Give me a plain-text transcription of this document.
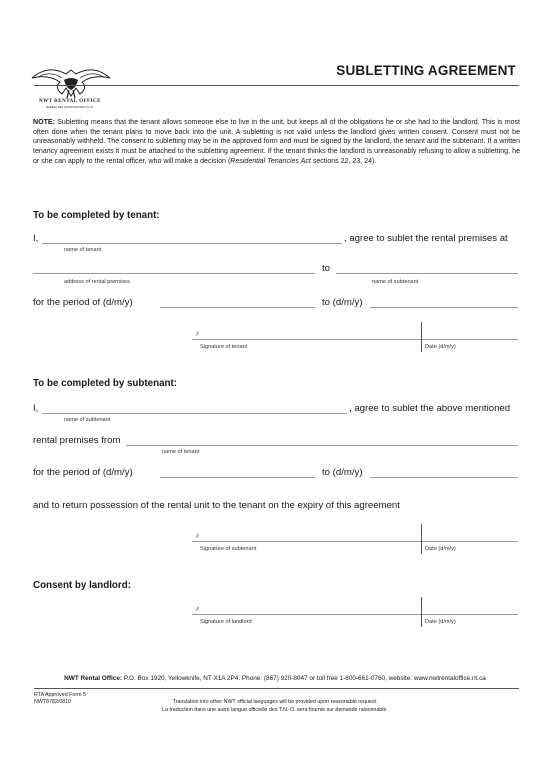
NWT RENTAL OFFICE
BUREAU DES LOCATIONS DES T.N.-O.
SUBLETTING AGREEMENT
NOTE: Subletting means that the tenant allows someone else to live in the unit, but keeps all of the obligations he or she had to the landlord. This is most often done when the tenant plans to move back into the unit. A subletting is not valid unless the landlord gives written consent. Consent must not be unreasonably withheld. The consent to subletting may be in the approved form and must be signed by the landlord, the tenant and the subtenant. If a written tenancy agreement exists it must be attached to the subletting agreement. If the tenant thinks the landlord is unreasonably refusing to allow a subletting, he or she can apply to the rental officer, who will make a decision (Residential Tenancies Act sections 22, 23, 24).
To be completed by tenant:
I,	, agree to sublet the rental premises at
name of tenant
to
address of rental premises	name of subtenant
for the period of (d/m/y)	to (d/m/y)
✗
Signature of tenant	Date (d/m/y)
To be completed by subtenant:
I,	, agree to sublet the above mentioned
name of subtenant
rental premises from
name of tenant
for the period of (d/m/y)	to (d/m/y)
and to return possession of the rental unit to the tenant on the expiry of this agreement
✗
Signature of subtenant	Date (d/m/y)
Consent by landlord:
✗
Signature of landlord	Date (d/m/y)
NWT Rental Office: P.O. Box 1920, Yellowknife, NT X1A 2P4. Phone: (867) 920-8047 or toll free 1-800-661-0760, website: www.nwtrentaloffice.nt.ca
RTA Approved Form 5
NWT8782/0810	Translation into other NWT official languages will be provided upon reasonable request.
La traduction dans une autre langue officielle des T.N.-O. sera fournie sur demande raisonnable.
